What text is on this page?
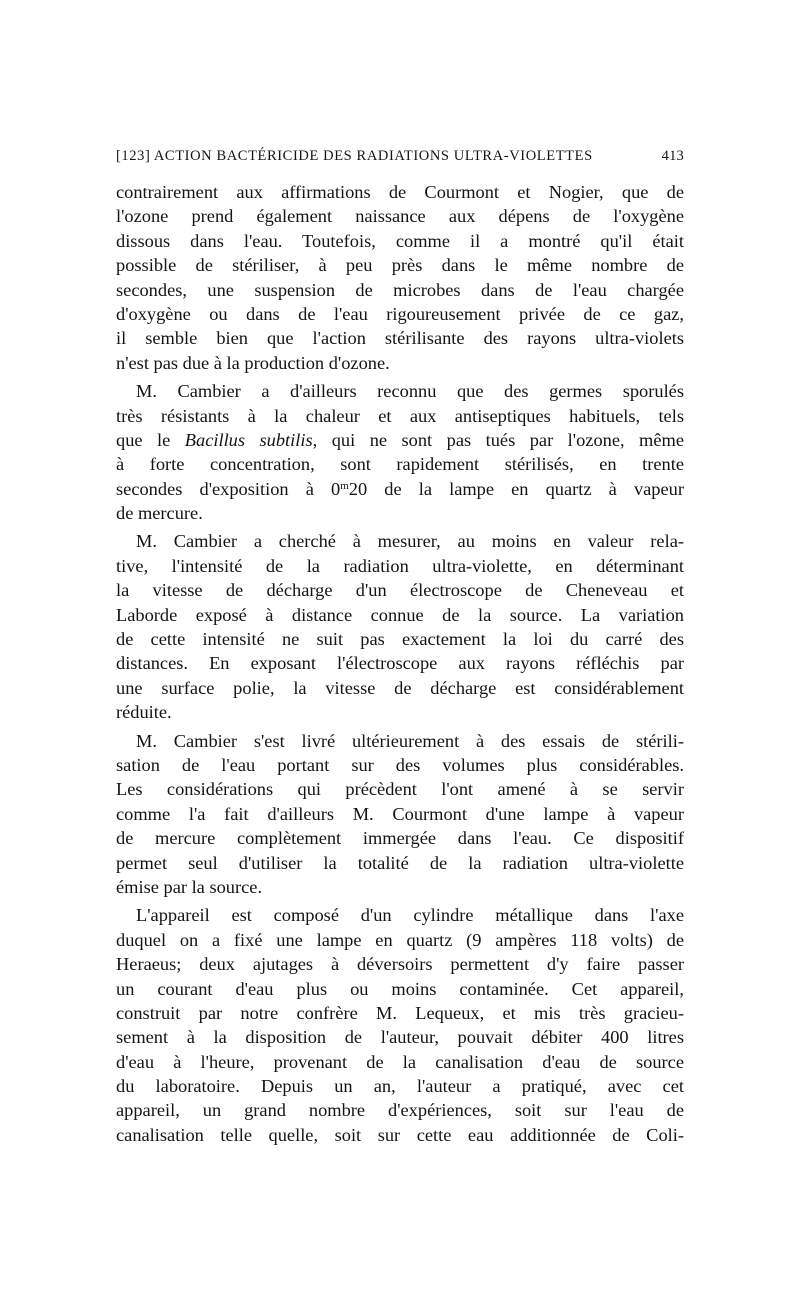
[123] ACTION BACTÉRICIDE DES RADIATIONS ULTRA-VIOLETTES	413
contrairement aux affirmations de Courmont et Nogier, que de
l'ozone prend également naissance aux dépens de l'oxygène
dissous dans l'eau. Toutefois, comme il a montré qu'il était
possible de stériliser, à peu près dans le même nombre de
secondes, une suspension de microbes dans de l'eau chargée
d'oxygène ou dans de l'eau rigoureusement privée de ce gaz,
il semble bien que l'action stérilisante des rayons ultra-violets
n'est pas due à la production d'ozone.
M. Cambier a d'ailleurs reconnu que des germes sporulés
très résistants à la chaleur et aux antiseptiques habituels, tels
que le Bacillus subtilis, qui ne sont pas tués par l'ozone, même
à forte concentration, sont rapidement stérilisés, en trente
secondes d'exposition à 0$^m$20 de la lampe en quartz à vapeur
de mercure.
M. Cambier a cherché à mesurer, au moins en valeur rela-
tive, l'intensité de la radiation ultra-violette, en déterminant
la vitesse de décharge d'un électroscope de Cheneveau et
Laborde exposé à distance connue de la source. La variation
de cette intensité ne suit pas exactement la loi du carré des
distances. En exposant l'électroscope aux rayons réfléchis par
une surface polie, la vitesse de décharge est considérablement
réduite.
M. Cambier s'est livré ultérieurement à des essais de stérili-
sation de l'eau portant sur des volumes plus considérables.
Les considérations qui précèdent l'ont amené à se servir
comme l'a fait d'ailleurs M. Courmont d'une lampe à vapeur
de mercure complètement immergée dans l'eau. Ce dispositif
permet seul d'utiliser la totalité de la radiation ultra-violette
émise par la source.
L'appareil est composé d'un cylindre métallique dans l'axe
duquel on a fixé une lampe en quartz (9 ampères 118 volts) de
Heraeus; deux ajutages à déversoirs permettent d'y faire passer
un courant d'eau plus ou moins contaminée. Cet appareil,
construit par notre confrère M. Lequeux, et mis très gracieu-
sement à la disposition de l'auteur, pouvait débiter 400 litres
d'eau à l'heure, provenant de la canalisation d'eau de source
du laboratoire. Depuis un an, l'auteur a pratiqué, avec cet
appareil, un grand nombre d'expériences, soit sur l'eau de
canalisation telle quelle, soit sur cette eau additionnée de Coli-
